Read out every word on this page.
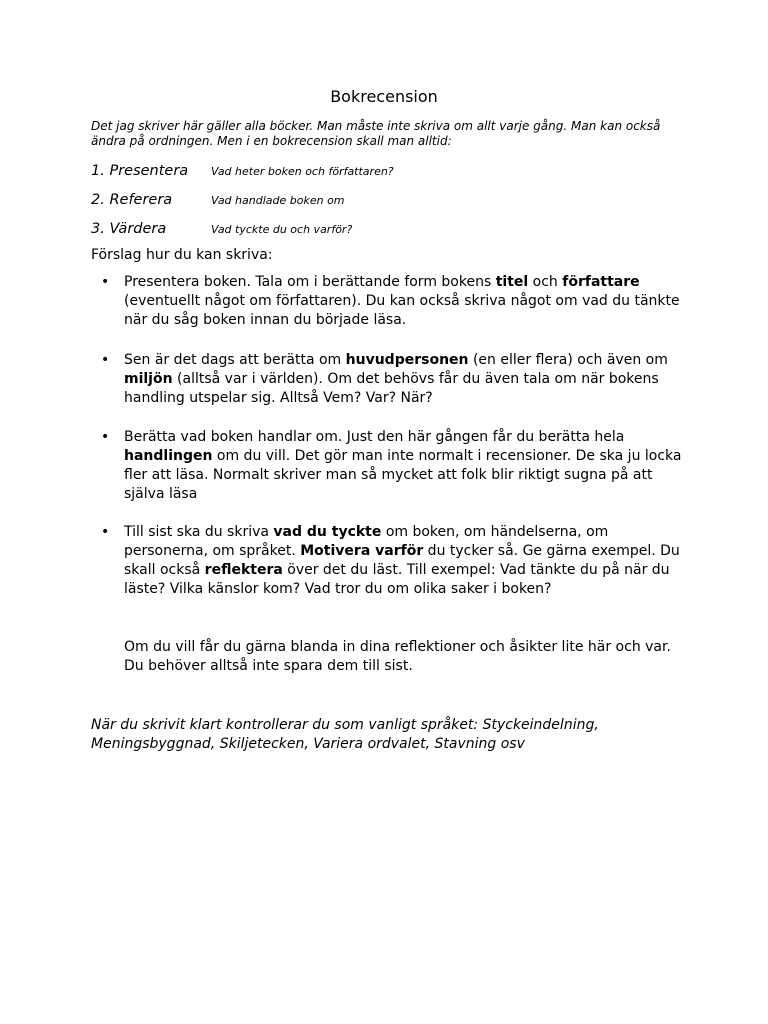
Bokrecension
Det jag skriver här gäller alla böcker. Man måste inte skriva om allt varje gång. Man kan också ändra på ordningen. Men i en bokrecension skall man alltid:
1. Presentera Vad heter boken och författaren?
2. Referera	Vad handlade boken om
3. Värdera	Vad tyckte du och varför?
Förslag hur du kan skriva:
• Presentera boken. Tala om i berättande form bokens titel och författare (eventuellt något om författaren). Du kan också skriva något om vad du tänkte när du såg boken innan du började läsa.
• Sen är det dags att berätta om huvudpersonen (en eller flera) och även om miljön (alltså var i världen). Om det behövs får du även tala om när bokens handling utspelar sig. Alltså Vem? Var? När?
• Berätta vad boken handlar om. Just den här gången får du berätta hela handlingen om du vill. Det gör man inte normalt i recensioner. De ska ju locka fler att läsa. Normalt skriver man så mycket att folk blir riktigt sugna på att själva läsa
• Till sist ska du skriva vad du tyckte om boken, om händelserna, om personerna, om språket. Motivera varför du tycker så. Ge gärna exempel. Du skall också reflektera över det du läst. Till exempel: Vad tänkte du på när du läste? Vilka känslor kom? Vad tror du om olika saker i boken?
Om du vill får du gärna blanda in dina reflektioner och åsikter lite här och var. Du behöver alltså inte spara dem till sist.
När du skrivit klart kontrollerar du som vanligt språket: Styckeindelning, Meningsbyggnad, Skiljetecken, Variera ordvalet, Stavning osv
